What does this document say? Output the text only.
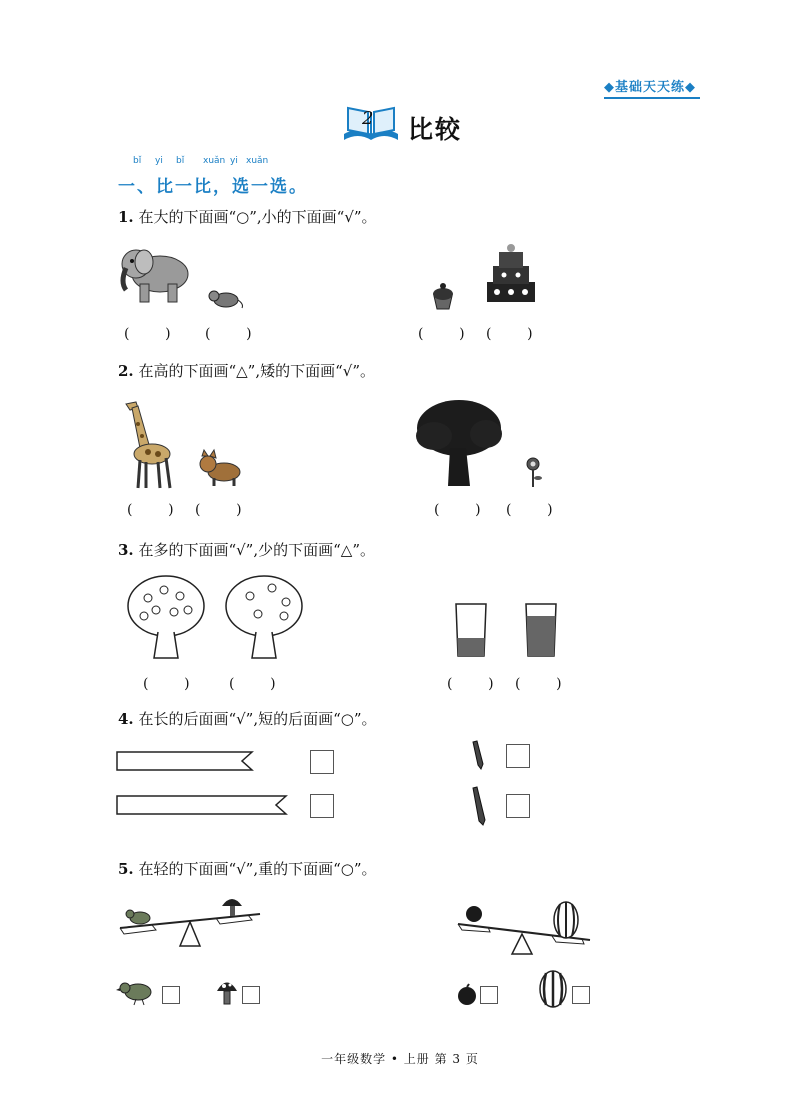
◆基础天天练◆
2 比较
bǐ yi bǐ xuǎn yi xuǎn
一、比一比，选一选。
1. 在大的下面画“○”,小的下面画“√”。
(        ) (        )	(        ) (        )
2. 在高的下面画“△”,矮的下面画“√”。
(        ) (        )	(        ) (        )
3. 在多的下面画“√”,少的下面画“△”。
(        )	(        )	(        ) (        )
4. 在长的后面画“√”,短的后面画“○”。
5. 在轻的下面画“√”,重的下面画“○”。
一年级数学 • 上册 第 3 页
